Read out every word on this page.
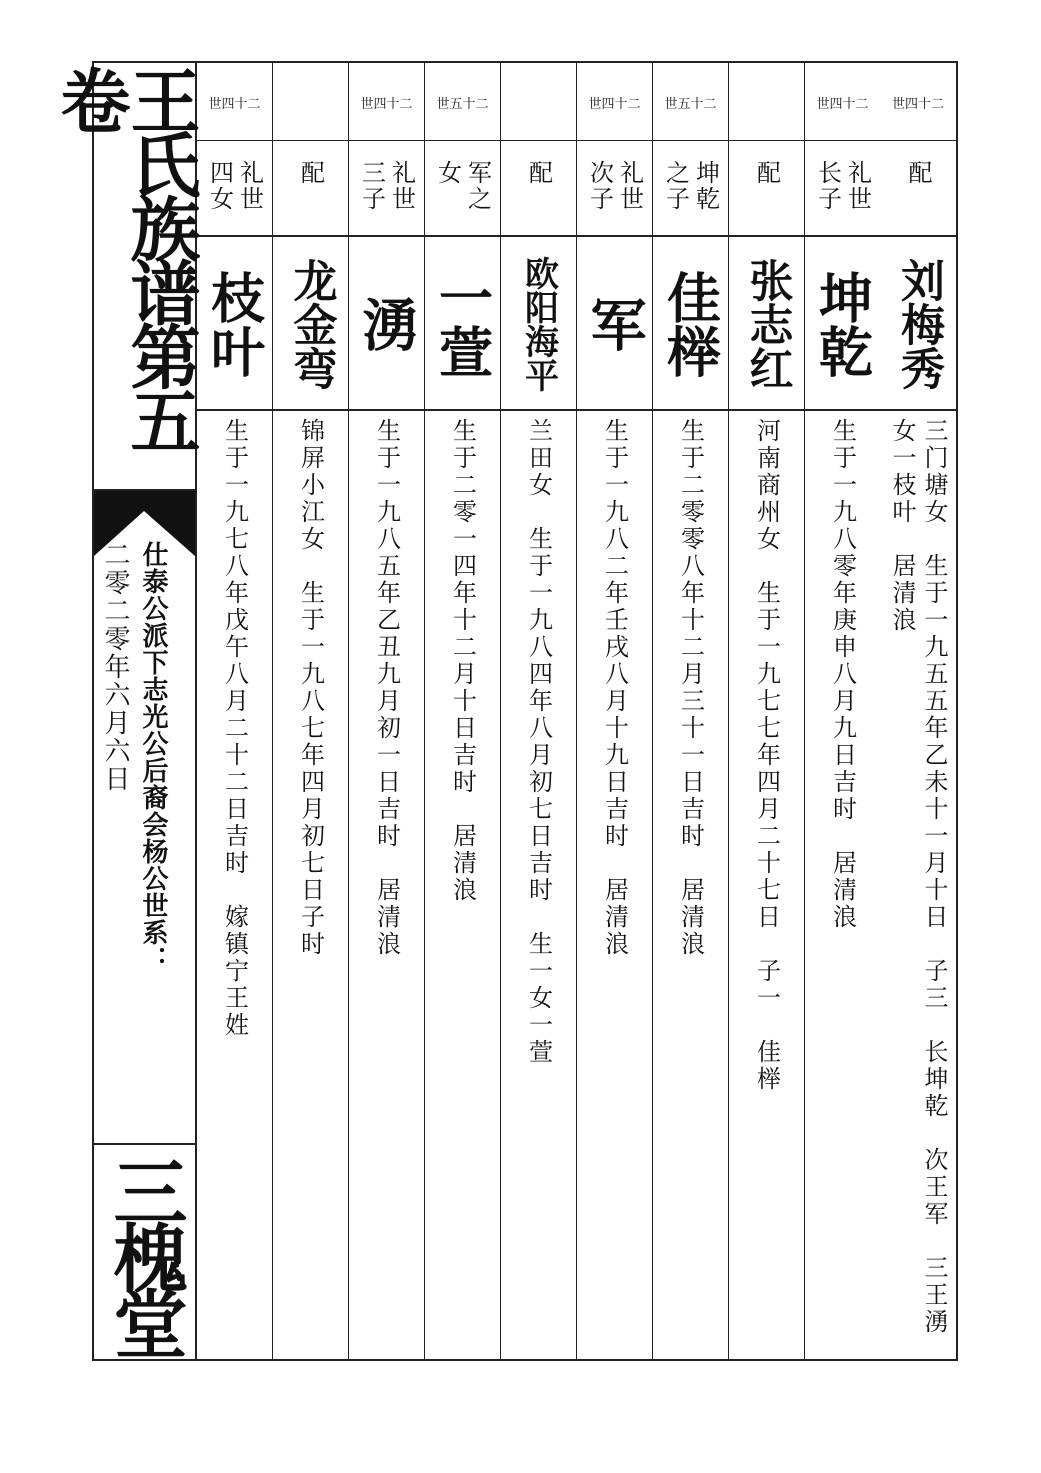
世四十二
配
刘梅秀
三门塘女　生于一九五五年乙未十一月十日　子三　长坤乾　次王军　三王湧　女一枝叶　居清浪
世四十二
礼世长子
坤乾
生于一九八零年庚申八月九日吉时　居清浪
配
张志红
河南商州女　生于一九七七年四月二十七日　子一　佳榉
世五十二
坤乾之子
佳榉
生于二零零八年十二月三十一日吉时　居清浪
世四十二
礼世次子
军
生于一九八二年壬戌八月十九日吉时　居清浪
配
欧阳海平
兰田女　生于一九八四年八月初七日吉时　生一女一萱
世五十二
军之女
一萱
生于二零一四年十二月十日吉时　居清浪
世四十二
礼世三子
湧
生于一九八五年乙丑九月初一日吉时　居清浪
配
龙金弯
锦屏小江女　生于一九八七年四月初七日子时
世四十二
礼世四女
枝叶
生于一九七八年戊午八月二十二日吉时　嫁镇宁王姓
王氏族谱第五卷
仕泰公派下志光公后裔会杨公世系：
二零二零年六月六日
三槐堂
